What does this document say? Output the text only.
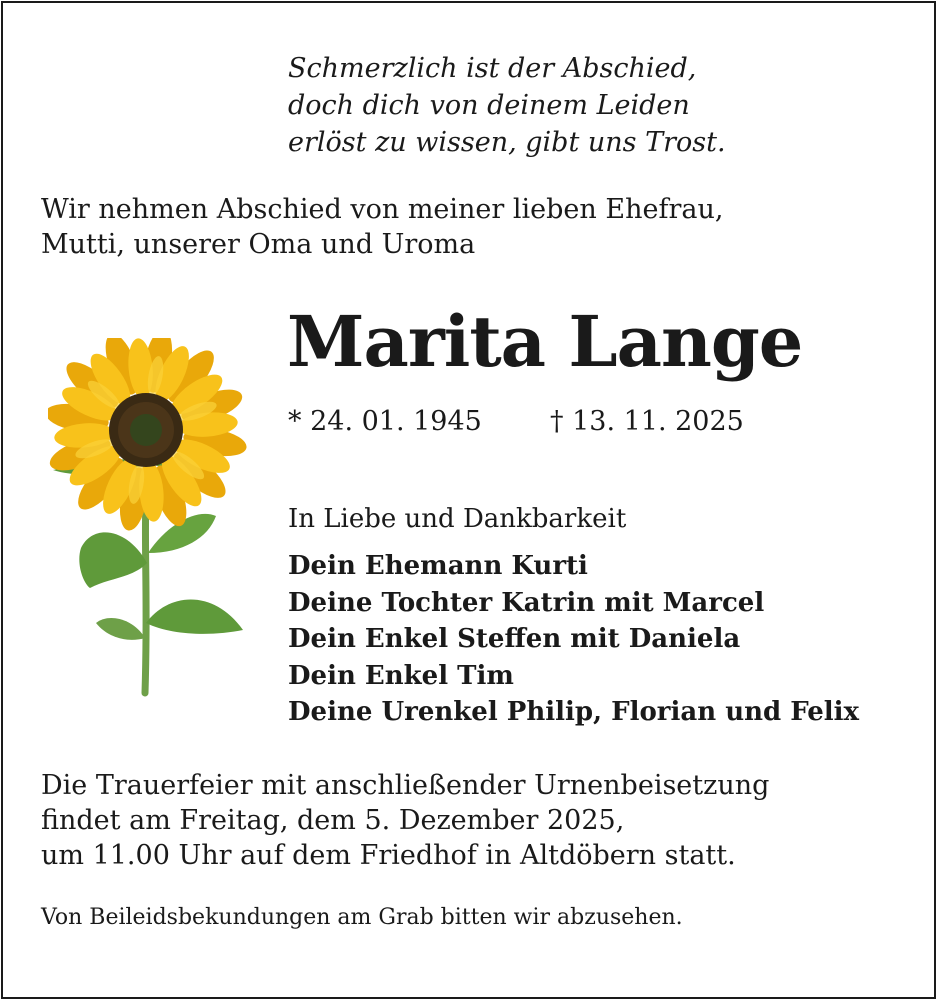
Schmerzlich ist der Abschied,
doch dich von deinem Leiden
erlöst zu wissen, gibt uns Trost.
Wir nehmen Abschied von meiner lieben Ehefrau,
Mutti, unserer Oma und Uroma
Marita Lange
* 24. 01. 1945	† 13. 11. 2025
In Liebe und Dankbarkeit
Dein Ehemann Kurti
Deine Tochter Katrin mit Marcel
Dein Enkel Steffen mit Daniela
Dein Enkel Tim
Deine Urenkel Philip, Florian und Felix
Die Trauerfeier mit anschließender Urnenbeisetzung
findet am Freitag, dem 5. Dezember 2025,
um 11.00 Uhr auf dem Friedhof in Altdöbern statt.
Von Beileidsbekundungen am Grab bitten wir abzusehen.
